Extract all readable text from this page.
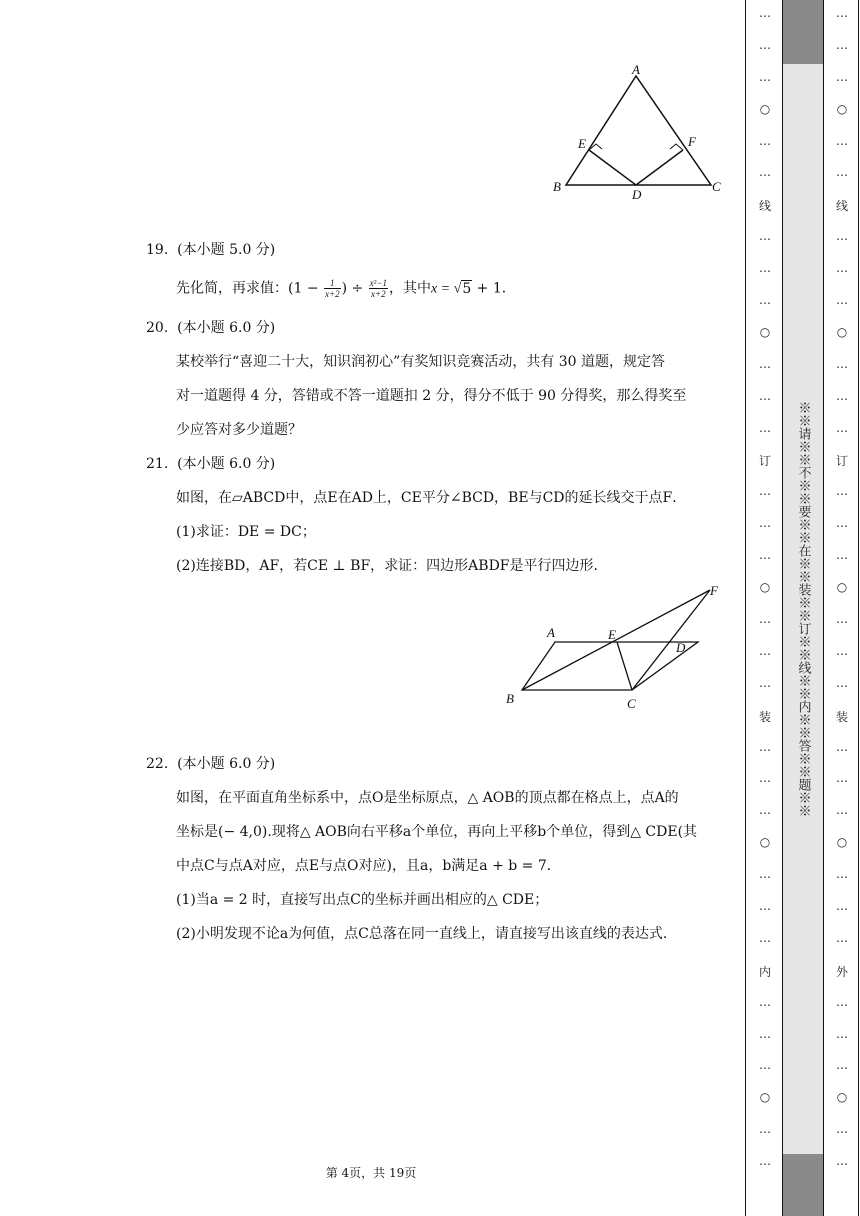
A
B	C
D
E	F
19. (本小题 5.0 分)
先化简，再求值：($1 - \frac{1}{x+2}$ ) ÷ $\frac{\text{x²−1}}{x+2}$ ，其中x = √5 + 1．
20. (本小题 6.0 分)
某校举行“喜迎二十大，知识润初心”有奖知识竞赛活动，共有 30 道题，规定答
对一道题得 4 分，答错或不答一道题扣 2 分，得分不低于 90 分得奖，那么得奖至
少应答对多少道题？
21. (本小题 6.0 分)
如图，在▱ABCD中，点E在AD上，CE平分∠BCD，BE与CD的延长线交于点F．
(1)求证：DE = DC；
(2)连接BD，AF，若CE ⊥ BF，求证：四边形ABDF是平行四边形．
A
B	C
D
E
F
22. (本小题 6.0 分)
如图，在平面直角坐标系中，点O是坐标原点，△ AOB的顶点都在格点上，点A的
坐标是(− 4,0).现将△ AOB向右平移a个单位，再向上平移b个单位，得到△ CDE(其
中点C与点A对应，点E与点O对应)，且a，b满足a + b = 7．
(1)当a = 2 时，直接写出点C的坐标并画出相应的△ CDE；
(2)小明发现不论a为何值，点C总落在同一直线上，请直接写出该直线的表达式．
第 4页，共 19页
…
…
…
○
…
…
线
…
…
…
○
…
…
…
订
…
…
…
○
…
…
…
装
…
…
…
○
…
…
…
内
…
…
…
○
…
…
…
…
…
○
…
…
线
…
…
…
○
…
…
…
订
…
…
…
○
…
…
…
装
…
…
…
○
…
…
…
外
…
…
…
○
…
…
※※请※※不※※要※※在※※装※※订※※线※※内※※答※※题※※
